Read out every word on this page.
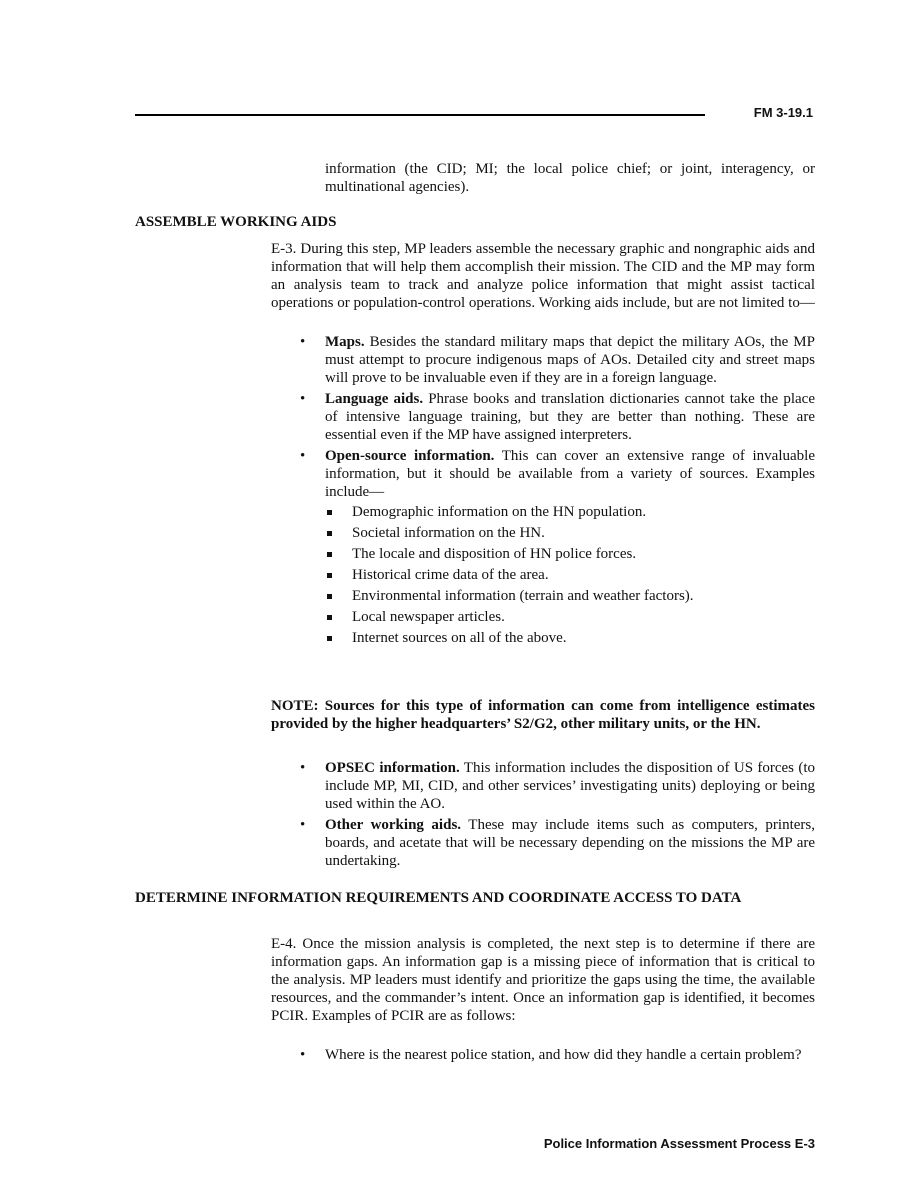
FM 3-19.1
information (the CID; MI; the local police chief; or joint, interagency, or multinational agencies).
ASSEMBLE WORKING AIDS
E-3. During this step, MP leaders assemble the necessary graphic and nongraphic aids and information that will help them accomplish their mission. The CID and the MP may form an analysis team to track and analyze police information that might assist tactical operations or population-control operations. Working aids include, but are not limited to—
• Maps. Besides the standard military maps that depict the military AOs, the MP must attempt to procure indigenous maps of AOs. Detailed city and street maps will prove to be invaluable even if they are in a foreign language.
• Language aids. Phrase books and translation dictionaries cannot take the place of intensive language training, but they are better than nothing. These are essential even if the MP have assigned interpreters.
• Open-source information. This can cover an extensive range of invaluable information, but it should be available from a variety of sources. Examples include—
Demographic information on the HN population.
Societal information on the HN.
The locale and disposition of HN police forces.
Historical crime data of the area.
Environmental information (terrain and weather factors).
Local newspaper articles.
Internet sources on all of the above.
NOTE: Sources for this type of information can come from intelligence estimates provided by the higher headquarters’ S2/G2, other military units, or the HN.
• OPSEC information. This information includes the disposition of US forces (to include MP, MI, CID, and other services’ investigating units) deploying or being used within the AO.
• Other working aids. These may include items such as computers, printers, boards, and acetate that will be necessary depending on the missions the MP are undertaking.
DETERMINE INFORMATION REQUIREMENTS AND COORDINATE ACCESS TO DATA
E-4. Once the mission analysis is completed, the next step is to determine if there are information gaps. An information gap is a missing piece of information that is critical to the analysis. MP leaders must identify and prioritize the gaps using the time, the available resources, and the commander’s intent. Once an information gap is identified, it becomes PCIR. Examples of PCIR are as follows:
• Where is the nearest police station, and how did they handle a certain problem?
Police Information Assessment Process E-3
